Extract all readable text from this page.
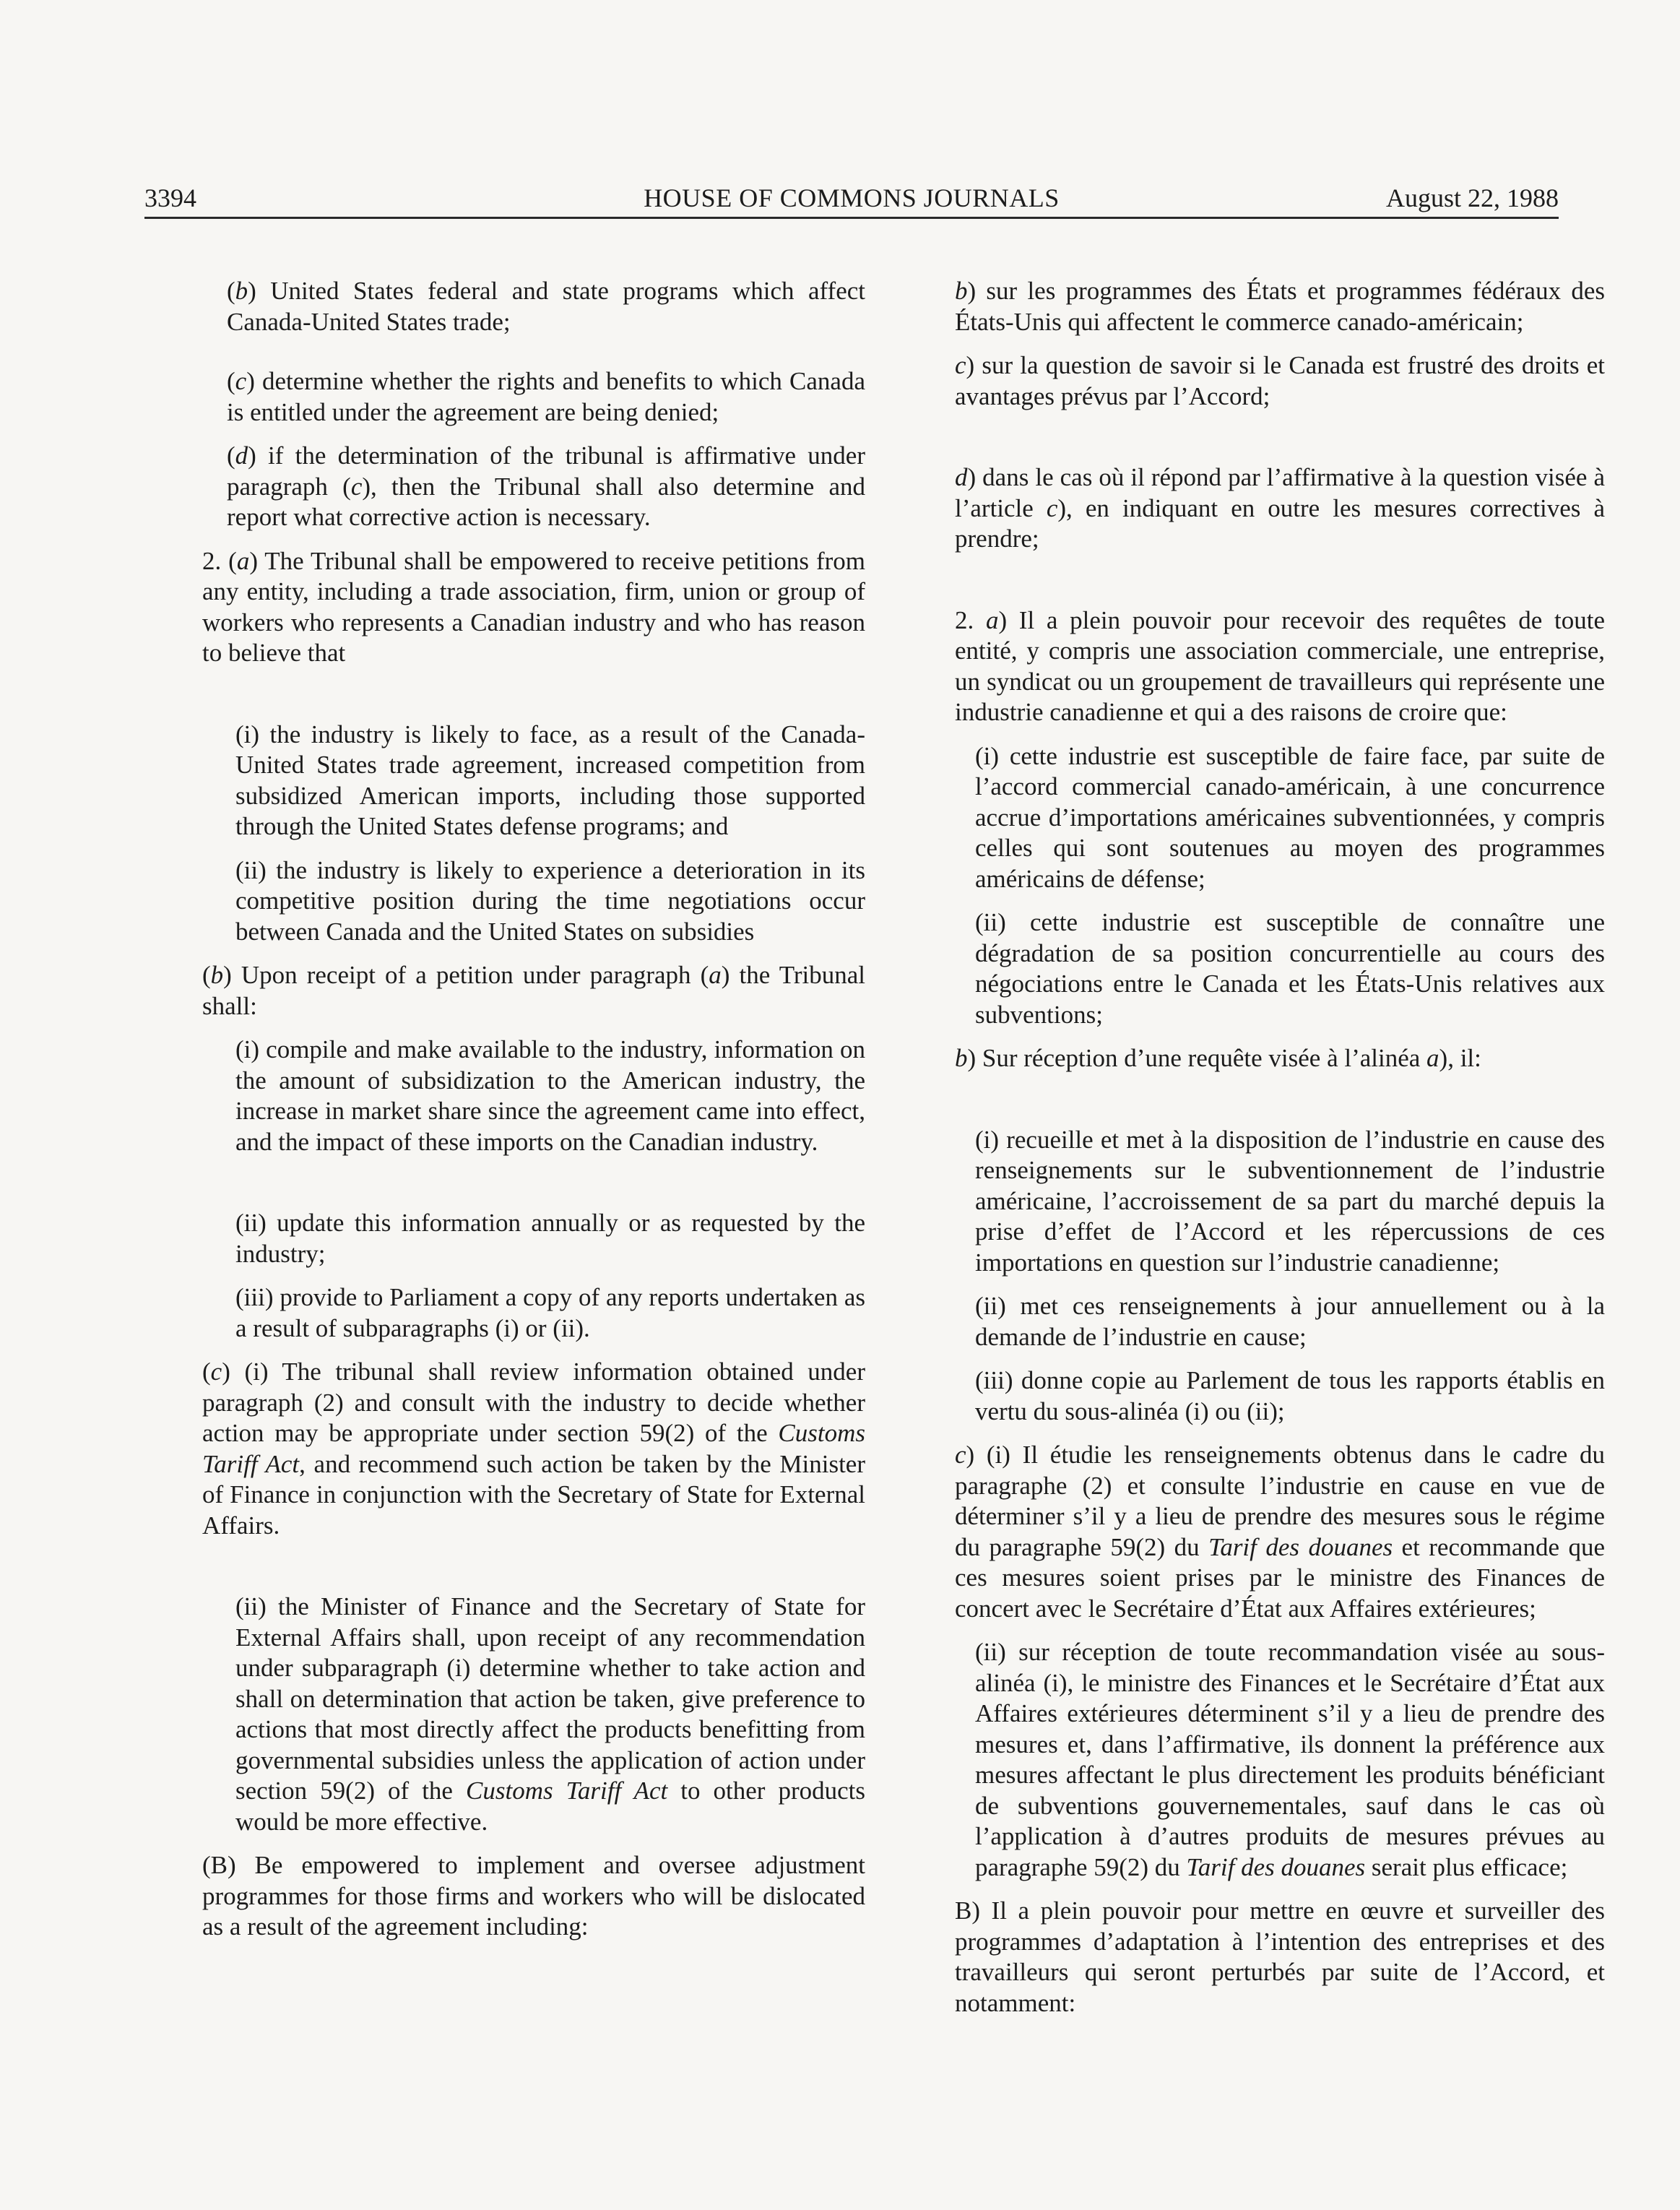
3394	HOUSE OF COMMONS JOURNALS	August 22, 1988

(b) United States federal and state programs which affect Canada-United States trade;

(c) determine whether the rights and benefits to which Canada is entitled under the agreement are being denied;

(d) if the determination of the tribunal is affirmative under paragraph (c), then the Tribunal shall also determine and report what corrective action is necessary.

2. (a) The Tribunal shall be empowered to receive petitions from any entity, including a trade association, firm, union or group of workers who represents a Canadian industry and who has reason to believe that

(i) the industry is likely to face, as a result of the Canada-United States trade agreement, increased competition from subsidized American imports, including those supported through the United States defense programs; and

(ii) the industry is likely to experience a deterioration in its competitive position during the time negotiations occur between Canada and the United States on subsidies

(b) Upon receipt of a petition under paragraph (a) the Tribunal shall:

(i) compile and make available to the industry, information on the amount of subsidization to the American industry, the increase in market share since the agreement came into effect, and the impact of these imports on the Canadian industry.

(ii) update this information annually or as requested by the industry;

(iii) provide to Parliament a copy of any reports undertaken as a result of subparagraphs (i) or (ii).

(c) (i) The tribunal shall review information obtained under paragraph (2) and consult with the industry to decide whether action may be appropriate under section 59(2) of the Customs Tariff Act, and recommend such action be taken by the Minister of Finance in conjunction with the Secretary of State for External Affairs.

(ii) the Minister of Finance and the Secretary of State for External Affairs shall, upon receipt of any recommendation under subparagraph (i) determine whether to take action and shall on determination that action be taken, give preference to actions that most directly affect the products benefitting from governmental subsidies unless the application of action under section 59(2) of the Customs Tariff Act to other products would be more effective.

(B) Be empowered to implement and oversee adjustment programmes for those firms and workers who will be dislocated as a result of the agreement including:

b) sur les programmes des États et programmes fédéraux des États-Unis qui affectent le commerce canado-américain;

c) sur la question de savoir si le Canada est frustré des droits et avantages prévus par l’Accord;

d) dans le cas où il répond par l’affirmative à la question visée à l’article c), en indiquant en outre les mesures correctives à prendre;

2. a) Il a plein pouvoir pour recevoir des requêtes de toute entité, y compris une association commerciale, une entreprise, un syndicat ou un groupement de travailleurs qui représente une industrie canadienne et qui a des raisons de croire que:

(i) cette industrie est susceptible de faire face, par suite de l’accord commercial canado-américain, à une concurrence accrue d’importations américaines subventionnées, y compris celles qui sont soutenues au moyen des programmes américains de défense;

(ii) cette industrie est susceptible de connaître une dégradation de sa position concurrentielle au cours des négociations entre le Canada et les États-Unis relatives aux subventions;

b) Sur réception d’une requête visée à l’alinéa a), il:

(i) recueille et met à la disposition de l’industrie en cause des renseignements sur le subventionnement de l’industrie américaine, l’accroissement de sa part du marché depuis la prise d’effet de l’Accord et les répercussions de ces importations en question sur l’industrie canadienne;

(ii) met ces renseignements à jour annuellement ou à la demande de l’industrie en cause;

(iii) donne copie au Parlement de tous les rapports établis en vertu du sous-alinéa (i) ou (ii);

c) (i) Il étudie les renseignements obtenus dans le cadre du paragraphe (2) et consulte l’industrie en cause en vue de déterminer s’il y a lieu de prendre des mesures sous le régime du paragraphe 59(2) du Tarif des douanes et recommande que ces mesures soient prises par le ministre des Finances de concert avec le Secrétaire d’État aux Affaires extérieures;

(ii) sur réception de toute recommandation visée au sous-alinéa (i), le ministre des Finances et le Secrétaire d’État aux Affaires extérieures déterminent s’il y a lieu de prendre des mesures et, dans l’affirmative, ils donnent la préférence aux mesures affectant le plus directement les produits bénéficiant de subventions gouvernementales, sauf dans le cas où l’application à d’autres produits de mesures prévues au paragraphe 59(2) du Tarif des douanes serait plus efficace;

B) Il a plein pouvoir pour mettre en œuvre et surveiller des programmes d’adaptation à l’intention des entreprises et des travailleurs qui seront perturbés par suite de l’Accord, et notamment:
